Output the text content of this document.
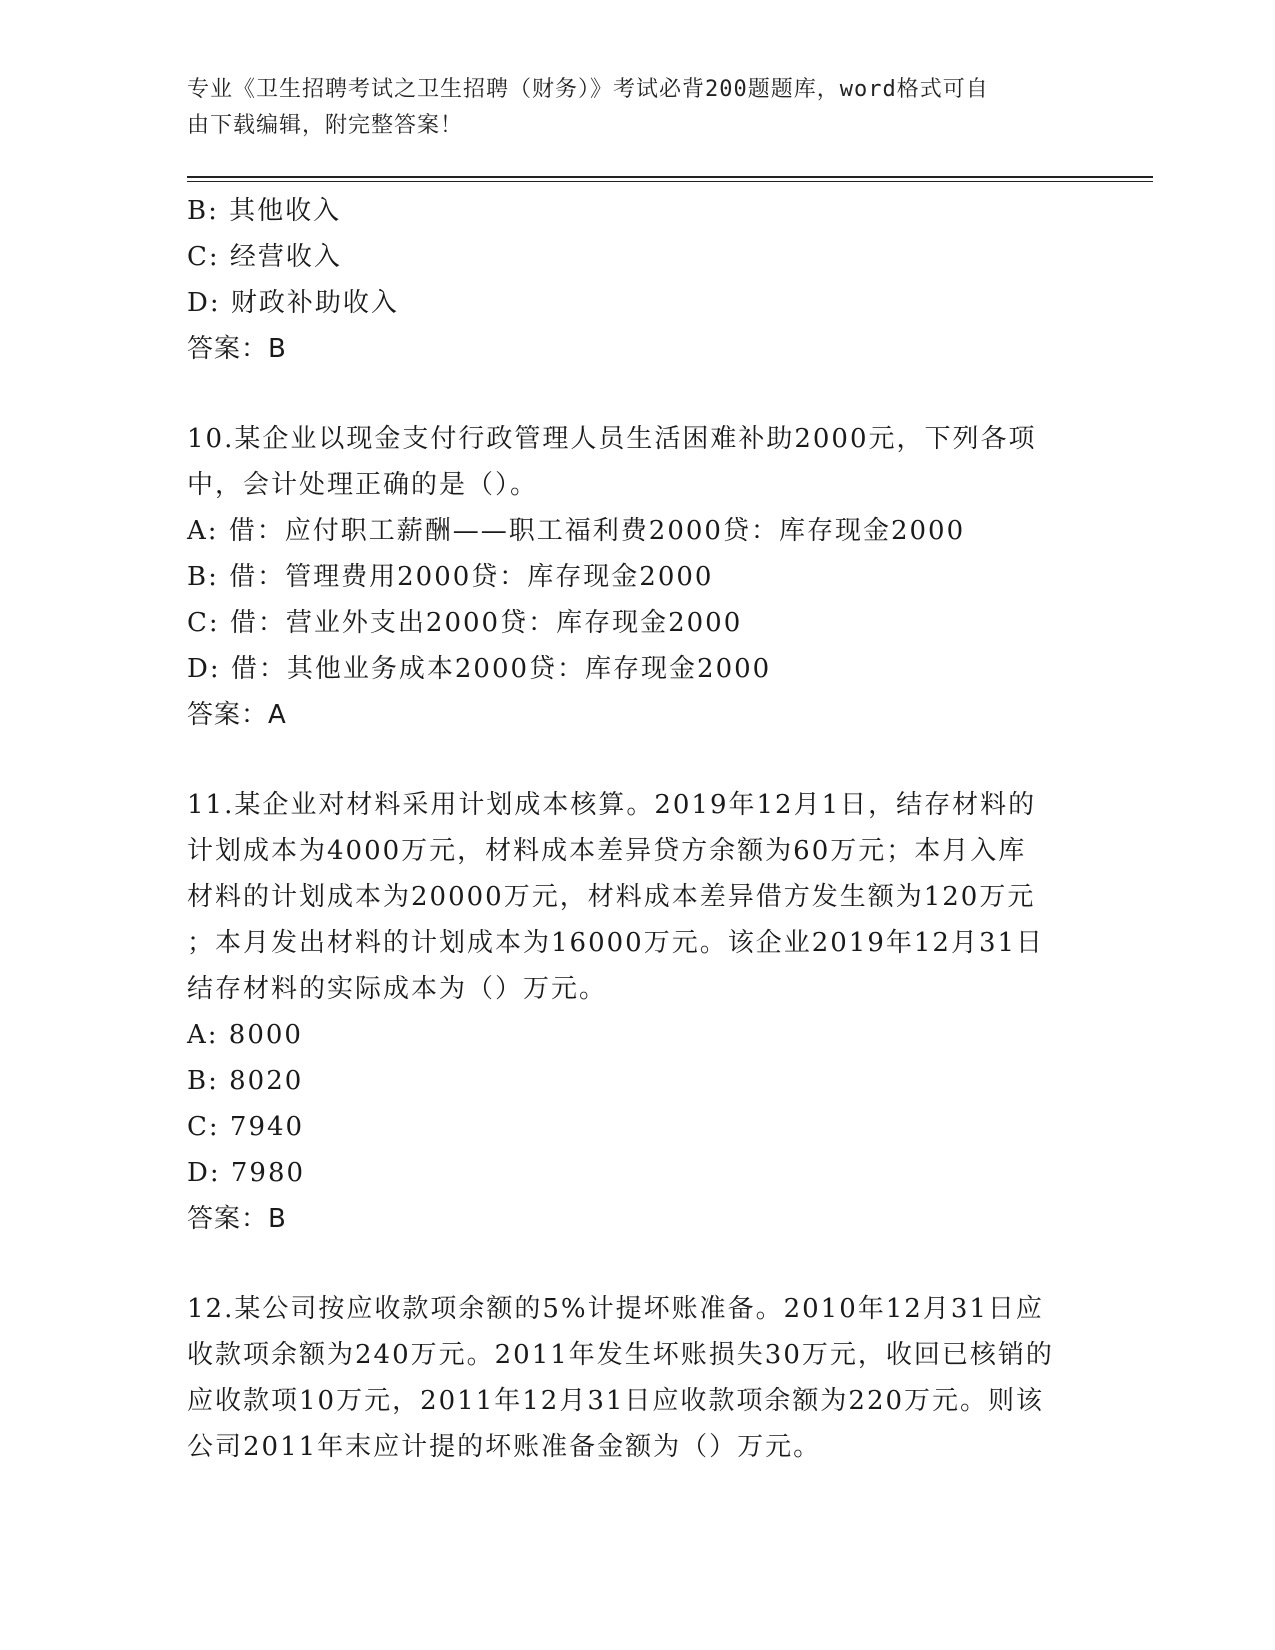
专业《卫生招聘考试之卫生招聘（财务）》考试必背200题题库，word格式可自
由下载编辑，附完整答案！
B: 其他收入
C: 经营收入
D: 财政补助收入
答案：B
10.某企业以现金支付行政管理人员生活困难补助2000元，下列各项
中，会计处理正确的是（）。
A: 借：应付职工薪酬——职工福利费2000贷：库存现金2000
B: 借：管理费用2000贷：库存现金2000
C: 借：营业外支出2000贷：库存现金2000
D: 借：其他业务成本2000贷：库存现金2000
答案：A
11.某企业对材料采用计划成本核算。2019年12月1日，结存材料的
计划成本为4000万元，材料成本差异贷方余额为60万元；本月入库
材料的计划成本为20000万元，材料成本差异借方发生额为120万元
；本月发出材料的计划成本为16000万元。该企业2019年12月31日
结存材料的实际成本为（）万元。
A: 8000
B: 8020
C: 7940
D: 7980
答案：B
12.某公司按应收款项余额的5%计提坏账准备。2010年12月31日应
收款项余额为240万元。2011年发生坏账损失30万元，收回已核销的
应收款项10万元，2011年12月31日应收款项余额为220万元。则该
公司2011年末应计提的坏账准备金额为（）万元。
